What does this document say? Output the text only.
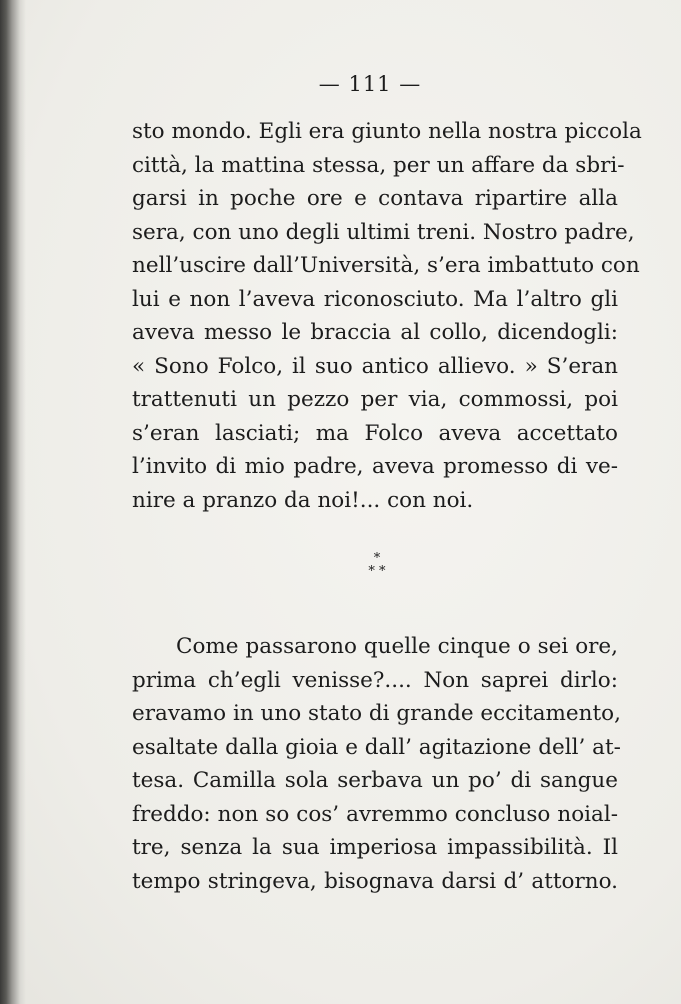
— 111 —

sto mondo. Egli era giunto nella nostra piccola
città, la mattina stessa, per un affare da sbri-
garsi in poche ore e contava ripartire alla
sera, con uno degli ultimi treni. Nostro padre,
nell’uscire dall’Università, s’era imbattuto con
lui e non l’aveva riconosciuto. Ma l’altro gli
aveva messo le braccia al collo, dicendogli:
« Sono Folco, il suo antico allievo. » S’eran
trattenuti un pezzo per via, commossi, poi
s’eran lasciati; ma Folco aveva accettato
l’invito di mio padre, aveva promesso di ve-
nire a pranzo da noi!... con noi.

*
* *

Come passarono quelle cinque o sei ore,
prima ch’egli venisse?.... Non saprei dirlo:
eravamo in uno stato di grande eccitamento,
esaltate dalla gioia e dall’ agitazione dell’ at-
tesa. Camilla sola serbava un po’ di sangue
freddo: non so cos’ avremmo concluso noial-
tre, senza la sua imperiosa impassibilità. Il
tempo stringeva, bisognava darsi d’ attorno.
